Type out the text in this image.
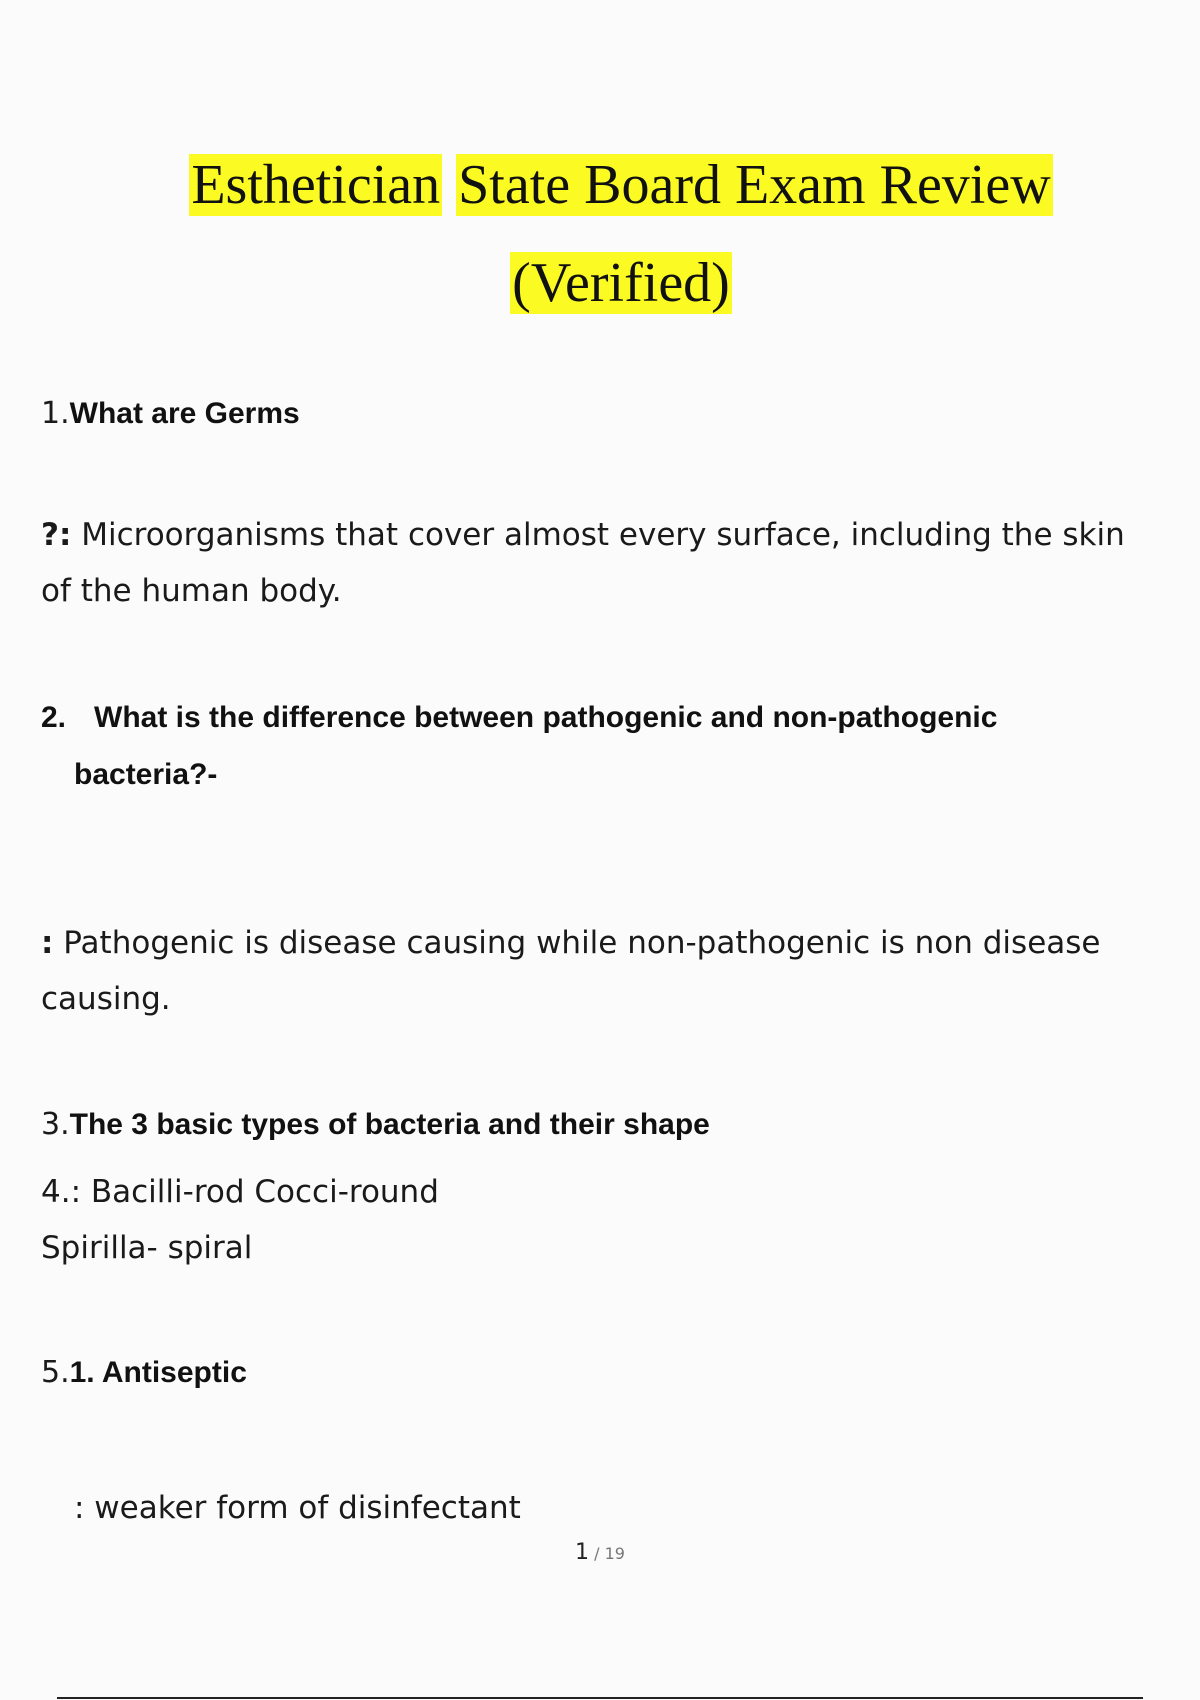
Esthetician State Board Exam Review
(Verified)
1.What are Germs
?: Microorganisms that cover almost every surface, including the skin
of the human body.
2. What is the difference between pathogenic and non-pathogenic
bacteria?-
: Pathogenic is disease causing while non-pathogenic is non disease
causing.
3.The 3 basic types of bacteria and their shape
4.: Bacilli-rod Cocci-round
Spirilla- spiral
5.1. Antiseptic
: weaker form of disinfectant
1 / 19
